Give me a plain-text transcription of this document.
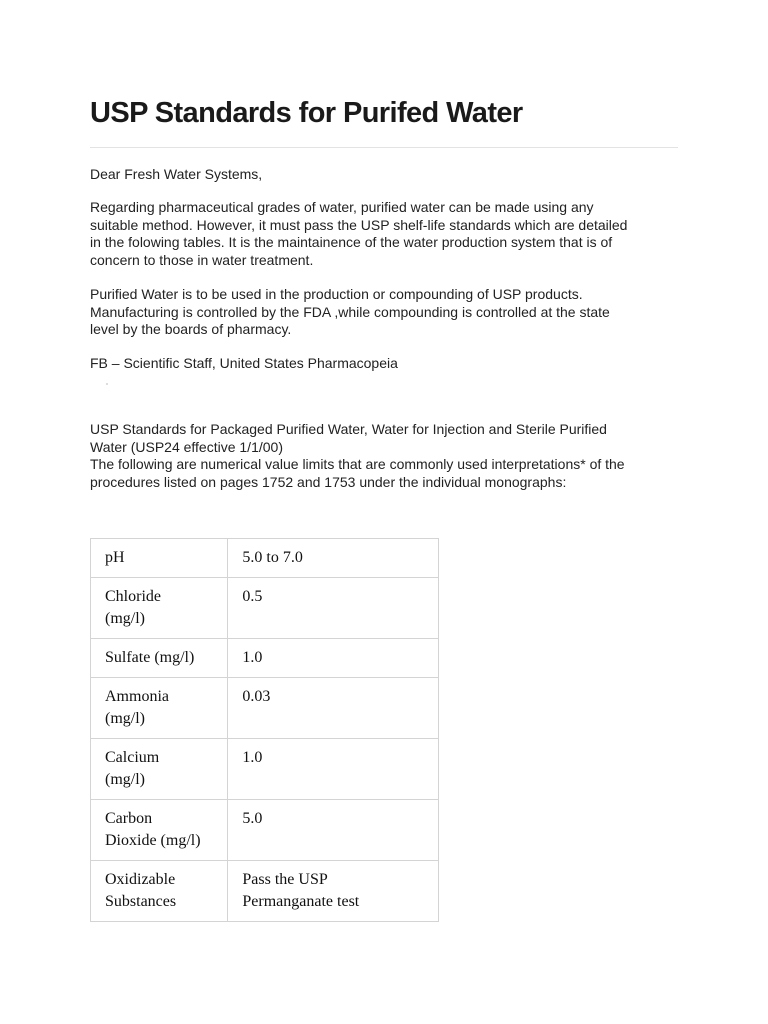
USP Standards for Purifed Water

Dear Fresh Water Systems,

Regarding pharmaceutical grades of water, purified water can be made using any
suitable method. However, it must pass the USP shelf-life standards which are detailed
in the folowing tables. It is the maintainence of the water production system that is of
concern to those in water treatment.

Purified Water is to be used in the production or compounding of USP products.
Manufacturing is controlled by the FDA ,while compounding is controlled at the state
level by the boards of pharmacy.

FB – Scientific Staff, United States Pharmacopeia

USP Standards for Packaged Purified Water, Water for Injection and Sterile Purified
Water (USP24 effective 1/1/00)
The following are numerical value limits that are commonly used interpretations* of the
procedures listed on pages 1752 and 1753 under the individual monographs:

pH	5.0 to 7.0

Chloride
(mg/l)	0.5

Sulfate (mg/l)	1.0

Ammonia
(mg/l)	0.03

Calcium
(mg/l)	1.0

Carbon
Dioxide (mg/l)	5.0

Oxidizable
Substances	Pass the USP
Permanganate test
